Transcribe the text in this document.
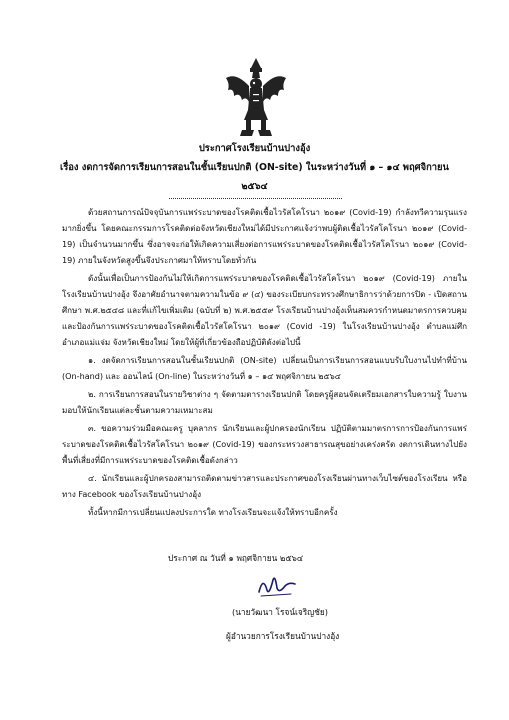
ประกาศโรงเรียนบ้านปางอุ้ง
เรื่อง งดการจัดการเรียนการสอนในชั้นเรียนปกติ (ON-site) ในระหว่างวันที่ ๑ – ๑๔ พฤศจิกายน
๒๕๖๔

ด้วยสถานการณ์ปัจจุบันการแพร่ระบาดของโรคติดเชื้อไวรัสโคโรนา ๒๐๑๙ (Covid-19) กำลังทวีความรุนแรงมากยิ่งขึ้น โดยคณะกรรมการโรคติดต่อจังหวัดเชียงใหม่ได้มีประกาศแจ้งว่าพบผู้ติดเชื้อไวรัสโคโรนา ๒๐๑๙ (Covid-19) เป็นจำนวนมากขึ้น ซึ่งอาจจะก่อให้เกิดความเสี่ยงต่อการแพร่ระบาดของโรคติดเชื้อไวรัสโคโรนา ๒๐๑๙ (Covid-19) ภายในจังหวัดสูงขึ้นจึงประกาศมาให้ทราบโดยทั่วกัน

ดังนั้นเพื่อเป็นการป้องกันไม่ให้เกิดการแพร่ระบาดของโรคติดเชื้อไวรัสโคโรนา ๒๐๑๙ (Covid-19) ภายในโรงเรียนบ้านปางอุ้ง จึงอาศัยอำนาจตามความในข้อ ๙ (๔) ของระเบียบกระทรวงศึกษาธิการว่าด้วยการปิด - เปิดสถานศึกษา พ.ศ.๒๕๔๘ และที่แก้ไขเพิ่มเติม (ฉบับที่ ๒) พ.ศ.๒๕๕๙ โรงเรียนบ้านปางอุ้งเห็นสมควรกำหนดมาตรการควบคุมและป้องกันการแพร่ระบาดของโรคติดเชื้อไวรัสโคโรนา ๒๐๑๙ (Covid -19) ในโรงเรียนบ้านปางอุ้ง ตำบลแม่ศึก อำเภอแม่แจ่ม จังหวัดเชียงใหม่ โดยให้ผู้ที่เกี่ยวข้องถือปฏิบัติดังต่อไปนี้

๑. งดจัดการเรียนการสอนในชั้นเรียนปกติ (ON-site) เปลี่ยนเป็นการเรียนการสอนแบบรับใบงานไปทำที่บ้าน (On-hand) และ ออนไลน์ (On-line) ในระหว่างวันที่ ๑ – ๑๔ พฤศจิกายน ๒๕๖๔

๒. การเรียนการสอนในรายวิชาต่าง ๆ จัดตามตารางเรียนปกติ โดยครูผู้สอนจัดเตรียมเอกสารใบความรู้ ใบงาน มอบให้นักเรียนแต่ละชั้นตามความเหมาะสม

๓. ขอความร่วมมือคณะครู บุคลากร นักเรียนและผู้ปกครองนักเรียน ปฏิบัติตามมาตรการการป้องกันการแพร่ระบาดของโรคติดเชื้อไวรัสโคโรนา ๒๐๑๙ (Covid-19) ของกระทรวงสาธารณสุขอย่างเคร่งครัด งดการเดินทางไปยังพื้นที่เสี่ยงที่มีการแพร่ระบาดของโรคติดเชื้อดังกล่าว

๔. นักเรียนและผู้ปกครองสามารถติดตามข่าวสารและประกาศของโรงเรียนผ่านทางเว็บไซต์ของโรงเรียน หรือทาง Facebook ของโรงเรียนบ้านปางอุ้ง

ทั้งนี้หากมีการเปลี่ยนแปลงประการใด ทางโรงเรียนจะแจ้งให้ทราบอีกครั้ง

ประกาศ ณ วันที่ ๑ พฤศจิกายน ๒๕๖๔
(นายวัฒนา โรจน์เจริญชัย)
ผู้อำนวยการโรงเรียนบ้านปางอุ้ง
